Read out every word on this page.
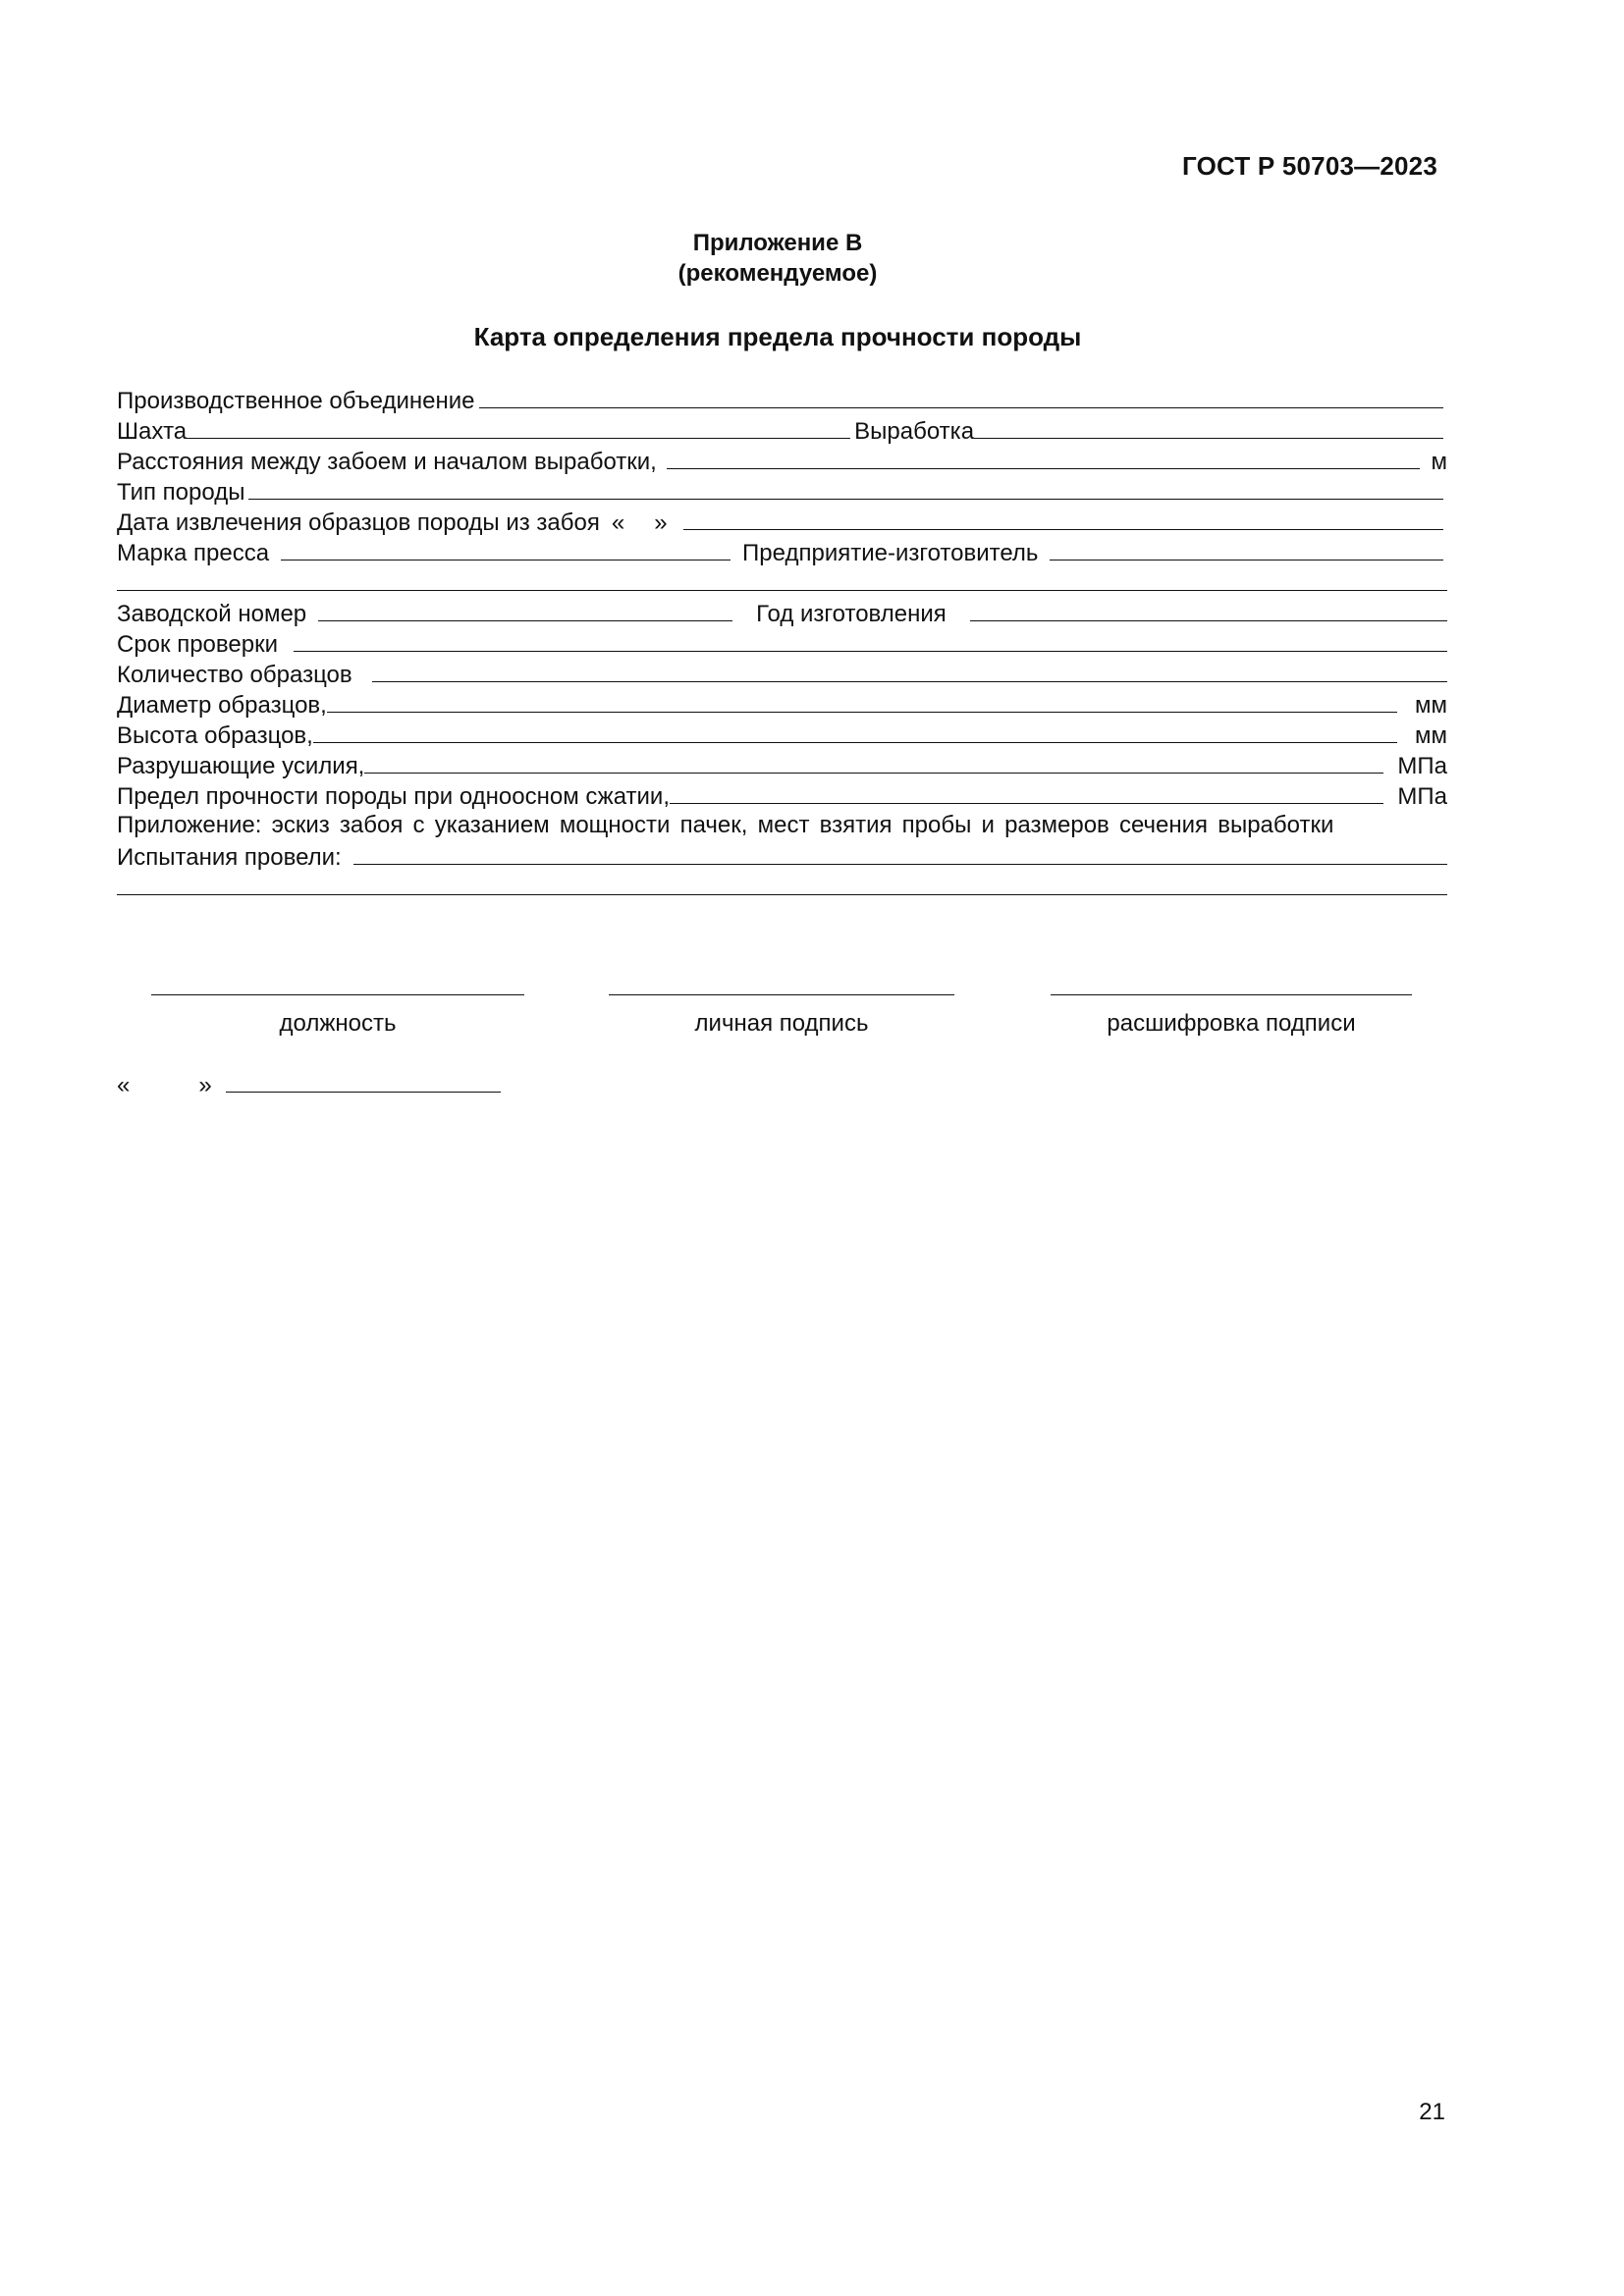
ГОСТ Р 50703—2023
Приложение В
(рекомендуемое)
Карта определения предела прочности породы
Производственное объединение
Шахта	Выработка
Расстояния между забоем и началом выработки,	м
Тип породы
Дата извлечения образцов породы из забоя « »
Марка пресса	Предприятие-изготовитель
Заводской номер	Год изготовления
Срок проверки
Количество образцов
Диаметр образцов,	мм
Высота образцов,	мм
Разрушающие усилия,	МПа
Предел прочности породы при одноосном сжатии,	МПа
Приложение: эскиз забоя с указанием мощности пачек, мест взятия пробы и размеров сечения выработки
Испытания провели:
должность	личная подпись	расшифровка подписи
«	»
21
